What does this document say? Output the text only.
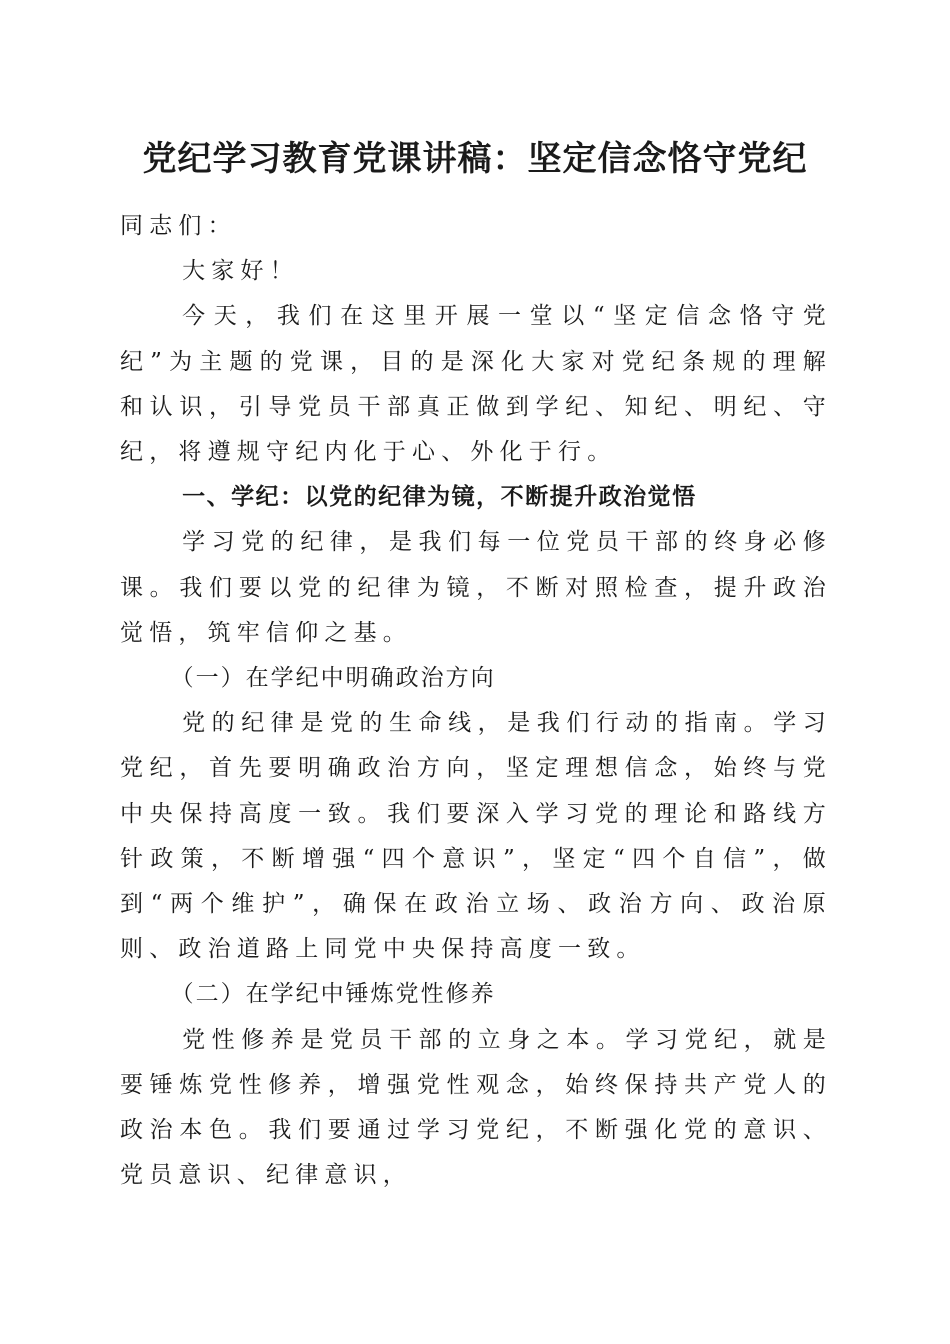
党纪学习教育党课讲稿：坚定信念恪守党纪

同志们：

大家好！

今天，我们在这里开展一堂以“坚定信念恪守党纪”为主题的党课，目的是深化大家对党纪条规的理解和认识，引导党员干部真正做到学纪、知纪、明纪、守纪，将遵规守纪内化于心、外化于行。

一、学纪：以党的纪律为镜，不断提升政治觉悟

学习党的纪律，是我们每一位党员干部的终身必修课。我们要以党的纪律为镜，不断对照检查，提升政治觉悟，筑牢信仰之基。

（一）在学纪中明确政治方向

党的纪律是党的生命线，是我们行动的指南。学习党纪，首先要明确政治方向，坚定理想信念，始终与党中央保持高度一致。我们要深入学习党的理论和路线方针政策，不断增强“四个意识”，坚定“四个自信”，做到“两个维护”，确保在政治立场、政治方向、政治原则、政治道路上同党中央保持高度一致。

（二）在学纪中锤炼党性修养

党性修养是党员干部的立身之本。学习党纪，就是要锤炼党性修养，增强党性观念，始终保持共产党人的政治本色。我们要通过学习党纪，不断强化党的意识、党员意识、纪律意识，
